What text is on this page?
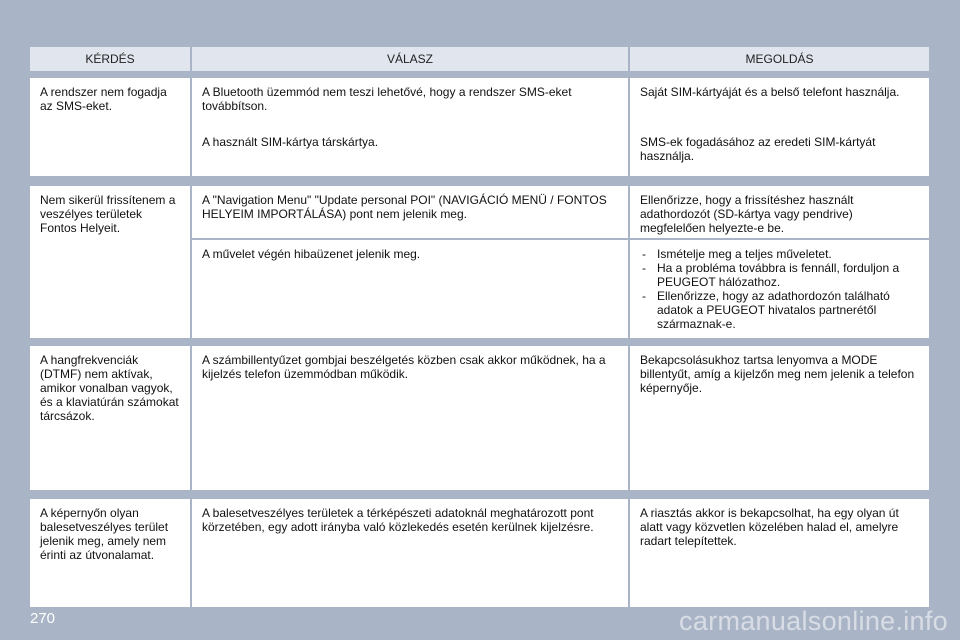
KÉRDÉS	VÁLASZ	MEGOLDÁS
A rendszer nem fogadja az SMS-eket.
A Bluetooth üzemmód nem teszi lehetővé, hogy a rendszer SMS-eket továbbítson.
A használt SIM-kártya társkártya.
Saját SIM-kártyáját és a belső telefont használja.
SMS-ek fogadásához az eredeti SIM-kártyát használja.
Nem sikerül frissítenem a veszélyes területek Fontos Helyeit.
A "Navigation Menu" "Update personal POI" (NAVIGÁCIÓ MENÜ / FONTOS HELYEIM IMPORTÁLÁSA) pont nem jelenik meg.
Ellenőrizze, hogy a frissítéshez használt adathordozót (SD-kártya vagy pendrive) megfelelően helyezte-e be.
A művelet végén hibaüzenet jelenik meg.
-	Ismételje meg a teljes műveletet.
- Ha a probléma továbbra is fennáll, forduljon a PEUGEOT hálózathoz.
- Ellenőrizze, hogy az adathordozón található adatok a PEUGEOT hivatalos partnerétől származnak-e.
A hangfrekvenciák (DTMF) nem aktívak, amikor vonalban vagyok, és a klaviatúrán számokat tárcsázok.
A számbillentyűzet gombjai beszélgetés közben csak akkor működnek, ha a kijelzés telefon üzemmódban működik.
Bekapcsolásukhoz tartsa lenyomva a MODE billentyűt, amíg a kijelzőn meg nem jelenik a telefon képernyője.
A képernyőn olyan balesetveszélyes terület jelenik meg, amely nem érinti az útvonalamat.
A balesetveszélyes területek a térképészeti adatoknál meghatározott pont körzetében, egy adott irányba való közlekedés esetén kerülnek kijelzésre.
A riasztás akkor is bekapcsolhat, ha egy olyan út alatt vagy közvetlen közelében halad el, amelyre radart telepítettek.
270	carmanualsonline.info
